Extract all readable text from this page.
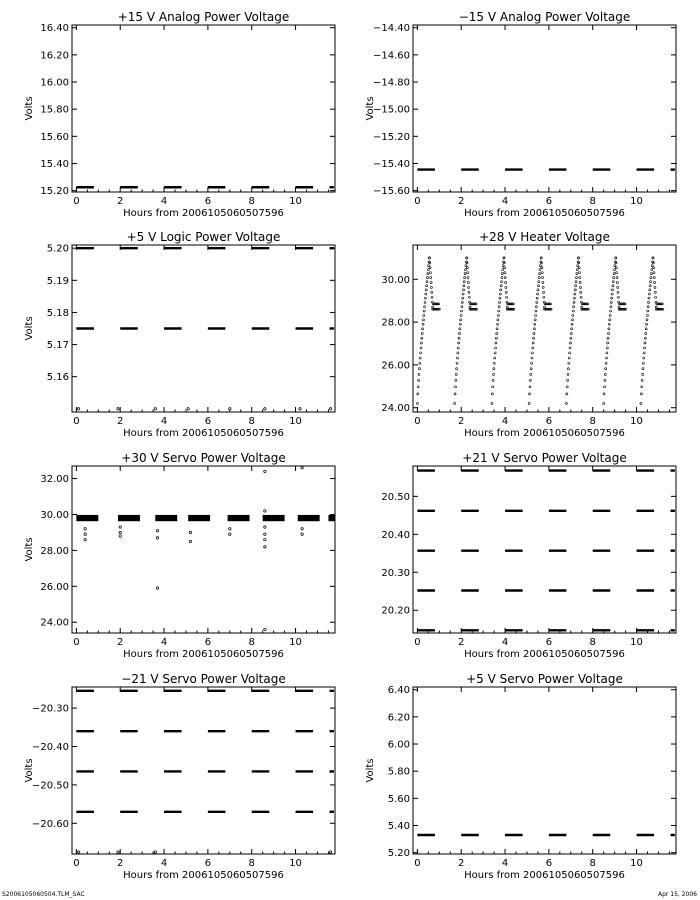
+15 V Analog Power Voltage
0	2	4	6	8	10
15.20
15.40
15.60
15.80
16.00
16.20
16.40
Hours from 2006105060507596
Volts
−15 V Analog Power Voltage
0	2	4	6	8	10
−15.60
−15.40
−15.20
−15.00
−14.80
−14.60
−14.40
Hours from 2006105060507596
Volts
+5 V Logic Power Voltage
0	2	4	6	8	10
5.16
5.17
5.18
5.19
5.20
Hours from 2006105060507596
Volts
+28 V Heater Voltage
0	2	4	6	8	10
24.00
26.00
28.00
30.00
Hours from 2006105060507596
+30 V Servo Power Voltage
0	2	4	6	8	10
24.00
26.00
28.00
30.00
32.00
Hours from 2006105060507596
Volts
+21 V Servo Power Voltage
0	2	4	6	8	10
20.20
20.30
20.40
20.50
Hours from 2006105060507596
−21 V Servo Power Voltage
0	2	4	6	8	10
−20.60
−20.50
−20.40
−20.30
Hours from 2006105060507596
Volts
+5 V Servo Power Voltage
0	2	4	6	8	10
5.20
5.40
5.60
5.80
6.00
6.20
6.40
Hours from 2006105060507596
Volts
S2006105060504.TLM_SAC	Apr 15, 2006
